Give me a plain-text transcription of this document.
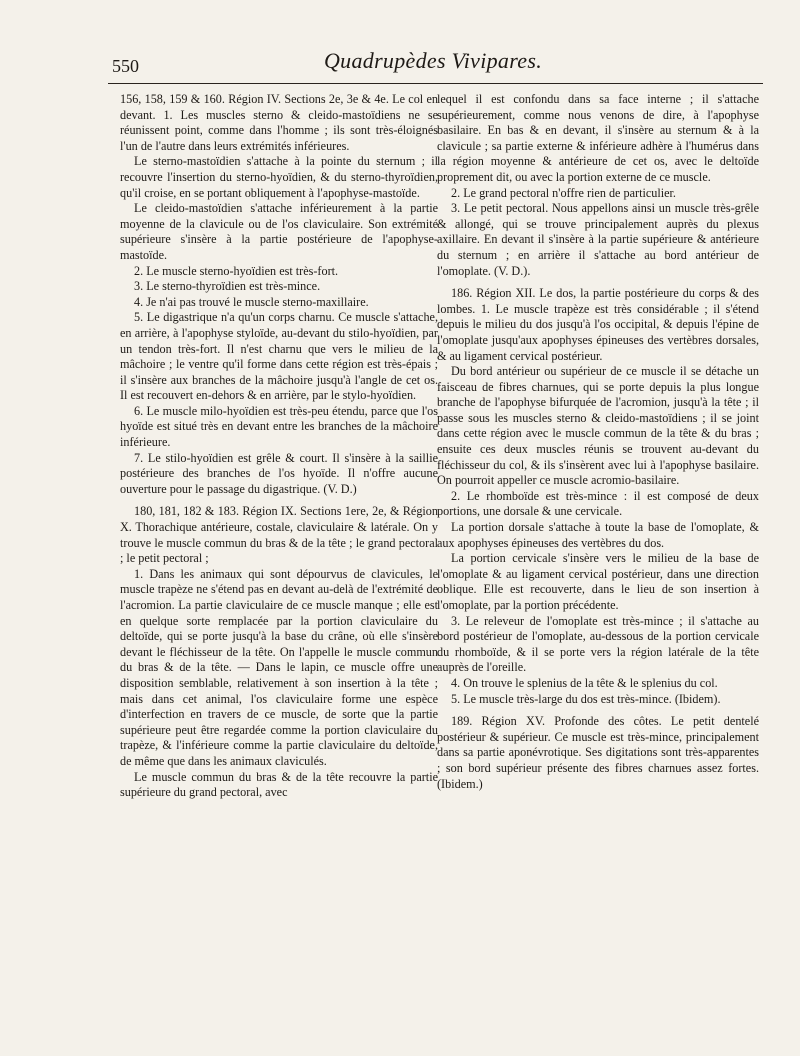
550	Quadrupèdes Vivipares.

156, 158, 159 & 160. Région IV. Sections 2e, 3e & 4e. Le col en devant. 1. Les muscles sterno & cleido-mastoïdiens ne se réunissent point, comme dans l'homme ; ils sont très-éloignés l'un de l'autre dans leurs extrémités inférieures.

Le sterno-mastoïdien s'attache à la pointe du sternum ; il recouvre l'insertion du sterno-hyoïdien, & du sterno-thyroïdien, qu'il croise, en se portant obliquement à l'apophyse-mastoïde.

Le cleido-mastoïdien s'attache inférieurement à la partie moyenne de la clavicule ou de l'os claviculaire. Son extrémité supérieure s'insère à la partie postérieure de l'apophyse-mastoïde.

2. Le muscle sterno-hyoïdien est très-fort.

3. Le sterno-thyroïdien est très-mince.

4. Je n'ai pas trouvé le muscle sterno-maxillaire.

5. Le digastrique n'a qu'un corps charnu. Ce muscle s'attache, en arrière, à l'apophyse styloïde, au-devant du stilo-hyoïdien, par un tendon très-fort. Il n'est charnu que vers le milieu de la mâchoire ; le ventre qu'il forme dans cette région est très-épais ; il s'insère aux branches de la mâchoire jusqu'à l'angle de cet os. Il est recouvert en-dehors & en arrière, par le stylo-hyoïdien.

6. Le muscle milo-hyoïdien est très-peu étendu, parce que l'os hyoïde est situé très en devant entre les branches de la mâchoire inférieure.

7. Le stilo-hyoïdien est grêle & court. Il s'insère à la saillie postérieure des branches de l'os hyoïde. Il n'offre aucune ouverture pour le passage du digastrique. (V. D.)

180, 181, 182 & 183. Région IX. Sections 1ere, 2e, & Région X. Thorachique antérieure, costale, claviculaire & latérale. On y trouve le muscle commun du bras & de la tête ; le grand pectoral ; le petit pectoral ;

1. Dans les animaux qui sont dépourvus de clavicules, le muscle trapèze ne s'étend pas en devant au-delà de l'extrémité de l'acromion. La partie claviculaire de ce muscle manque ; elle est en quelque sorte remplacée par la portion claviculaire du deltoïde, qui se porte jusqu'à la base du crâne, où elle s'insère devant le fléchisseur de la tête. On l'appelle le muscle commun du bras & de la tête. — Dans le lapin, ce muscle offre une disposition semblable, relativement à son insertion à la tête ; mais dans cet animal, l'os claviculaire forme une espèce d'interfection en travers de ce muscle, de sorte que la partie supérieure peut être regardée comme la portion claviculaire du trapèze, & l'inférieure comme la partie claviculaire du deltoïde, de même que dans les animaux claviculés.

Le muscle commun du bras & de la tête recouvre la partie supérieure du grand pectoral, avec

lequel il est confondu dans sa face interne ; il s'attache supérieurement, comme nous venons de dire, à l'apophyse basilaire. En bas & en devant, il s'insère au sternum & à la clavicule ; sa partie externe & inférieure adhère à l'humérus dans la région moyenne & antérieure de cet os, avec le deltoïde proprement dit, ou avec la portion externe de ce muscle.

2. Le grand pectoral n'offre rien de particulier.

3. Le petit pectoral. Nous appellons ainsi un muscle très-grêle & allongé, qui se trouve principalement auprès du plexus axillaire. En devant il s'insère à la partie supérieure & antérieure du sternum ; en arrière il s'attache au bord antérieur de l'omoplate. (V. D.).

186. Région XII. Le dos, la partie postérieure du corps & des lombes. 1. Le muscle trapèze est très considérable ; il s'étend depuis le milieu du dos jusqu'à l'os occipital, & depuis l'épine de l'omoplate jusqu'aux apophyses épineuses des vertèbres dorsales, & au ligament cervical postérieur.

Du bord antérieur ou supérieur de ce muscle il se détache un faisceau de fibres charnues, qui se porte depuis la plus longue branche de l'apophyse bifurquée de l'acromion, jusqu'à la tête ; il passe sous les muscles sterno & cleido-mastoïdiens ; il se joint dans cette région avec le muscle commun de la tête & du bras ; ensuite ces deux muscles réunis se trouvent au-devant du fléchisseur du col, & ils s'insèrent avec lui à l'apophyse basilaire. On pourroit appeller ce muscle acromio-basilaire.

2. Le rhomboïde est très-mince : il est composé de deux portions, une dorsale & une cervicale.

La portion dorsale s'attache à toute la base de l'omoplate, & aux apophyses épineuses des vertèbres du dos.

La portion cervicale s'insère vers le milieu de la base de l'omoplate & au ligament cervical postérieur, dans une direction oblique. Elle est recouverte, dans le lieu de son insertion à l'omoplate, par la portion précédente.

3. Le releveur de l'omoplate est très-mince ; il s'attache au bord postérieur de l'omoplate, au-dessous de la portion cervicale du rhomboïde, & il se porte vers la région latérale de la tête auprès de l'oreille.

4. On trouve le splenius de la tête & le splenius du col.

5. Le muscle très-large du dos est très-mince. (Ibidem).

189. Région XV. Profonde des côtes. Le petit dentelé postérieur & supérieur. Ce muscle est très-mince, principalement dans sa partie aponévrotique. Ses digitations sont très-apparentes ; son bord supérieur présente des fibres charnues assez fortes. (Ibidem.)
